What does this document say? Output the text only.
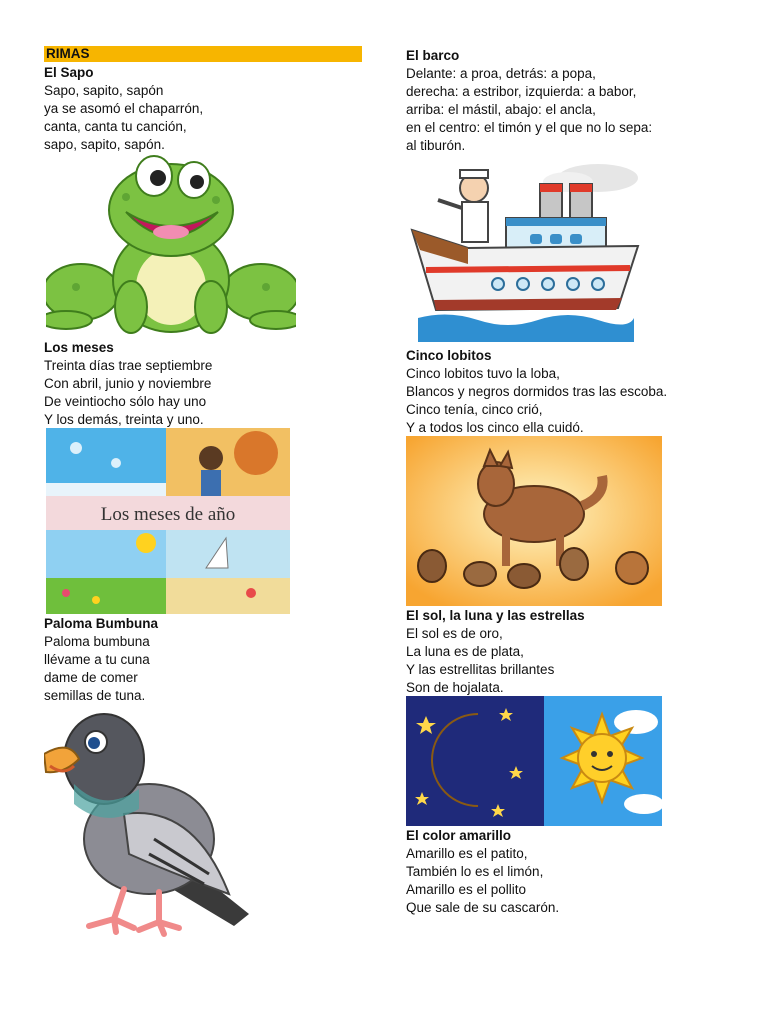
RIMAS
El Sapo
Sapo, sapito, sapón
ya se asomó el chaparrón,
canta, canta tu canción,
sapo, sapito, sapón.
Los meses
Treinta días trae septiembre
Con abril, junio y noviembre
De veintiocho sólo hay uno
Y los demás, treinta y uno.
Los meses de año
Paloma Bumbuna
Paloma bumbuna
llévame a tu cuna
dame de comer
semillas de tuna.
El barco
Delante: a proa, detrás: a popa,
derecha: a estribor, izquierda: a babor,
arriba: el mástil, abajo: el ancla,
en el centro: el timón y el que no lo sepa:
al tiburón.
Cinco lobitos
Cinco lobitos tuvo la loba,
Blancos y negros dormidos tras las escoba.
Cinco tenía, cinco crió,
Y a todos los cinco ella cuidó.
El sol, la luna y las estrellas
El sol es de oro,
La luna es de plata,
Y las estrellitas brillantes
Son de hojalata.
El color amarillo
Amarillo es el patito,
También lo es el limón,
Amarillo es el pollito
Que sale de su cascarón.
